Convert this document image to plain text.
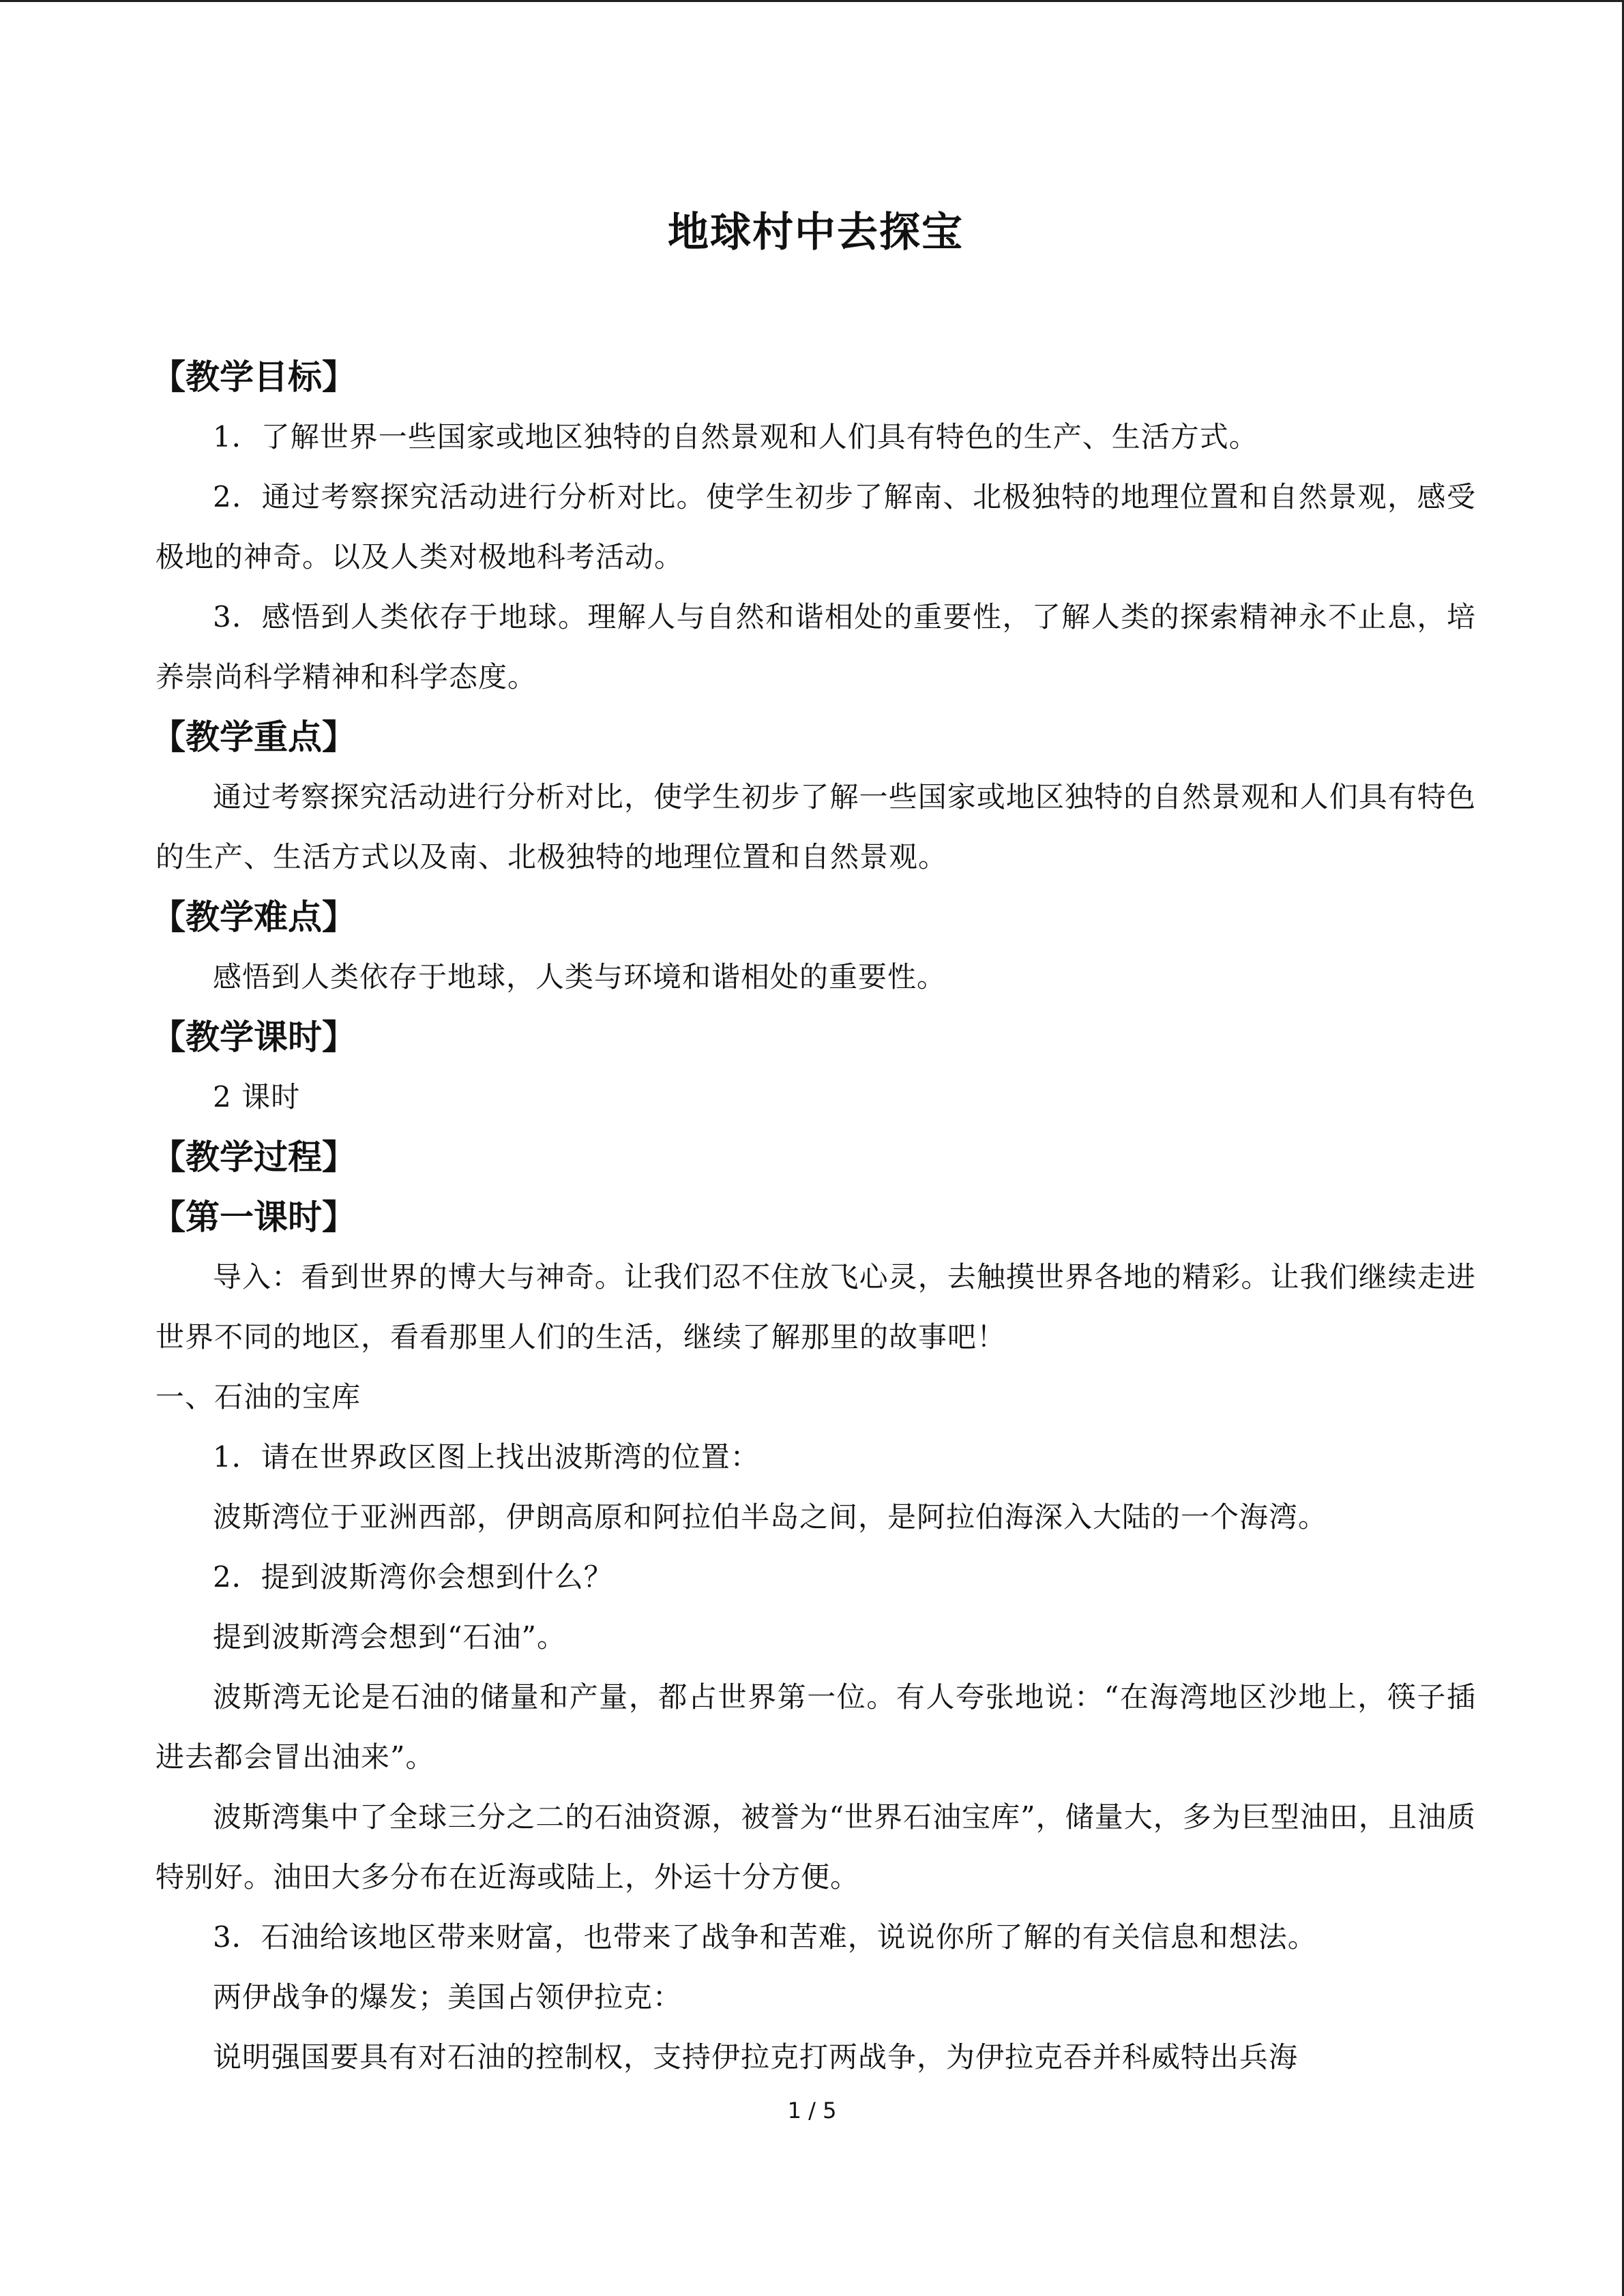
地球村中去探宝
【教学目标】

1．了解世界一些国家或地区独特的自然景观和人们具有特色的生产、生活方式。

2．通过考察探究活动进行分析对比。使学生初步了解南、北极独特的地理位置和自然景观，感受极地的神奇。以及人类对极地科考活动。

3．感悟到人类依存于地球。理解人与自然和谐相处的重要性，了解人类的探索精神永不止息，培养崇尚科学精神和科学态度。

【教学重点】

通过考察探究活动进行分析对比，使学生初步了解一些国家或地区独特的自然景观和人们具有特色的生产、生活方式以及南、北极独特的地理位置和自然景观。

【教学难点】

感悟到人类依存于地球，人类与环境和谐相处的重要性。

【教学课时】

2 课时

【教学过程】
【第一课时】

导入：看到世界的博大与神奇。让我们忍不住放飞心灵，去触摸世界各地的精彩。让我们继续走进世界不同的地区，看看那里人们的生活，继续了解那里的故事吧！

一、石油的宝库

1．请在世界政区图上找出波斯湾的位置：

波斯湾位于亚洲西部，伊朗高原和阿拉伯半岛之间，是阿拉伯海深入大陆的一个海湾。

2．提到波斯湾你会想到什么？

提到波斯湾会想到“石油”。

波斯湾无论是石油的储量和产量，都占世界第一位。有人夸张地说：“在海湾地区沙地上，筷子插进去都会冒出油来”。

波斯湾集中了全球三分之二的石油资源，被誉为“世界石油宝库”，储量大，多为巨型油田，且油质特别好。油田大多分布在近海或陆上，外运十分方便。

3．石油给该地区带来财富，也带来了战争和苦难，说说你所了解的有关信息和想法。

两伊战争的爆发；美国占领伊拉克：

说明强国要具有对石油的控制权，支持伊拉克打两战争，为伊拉克吞并科威特出兵海

1 / 5
